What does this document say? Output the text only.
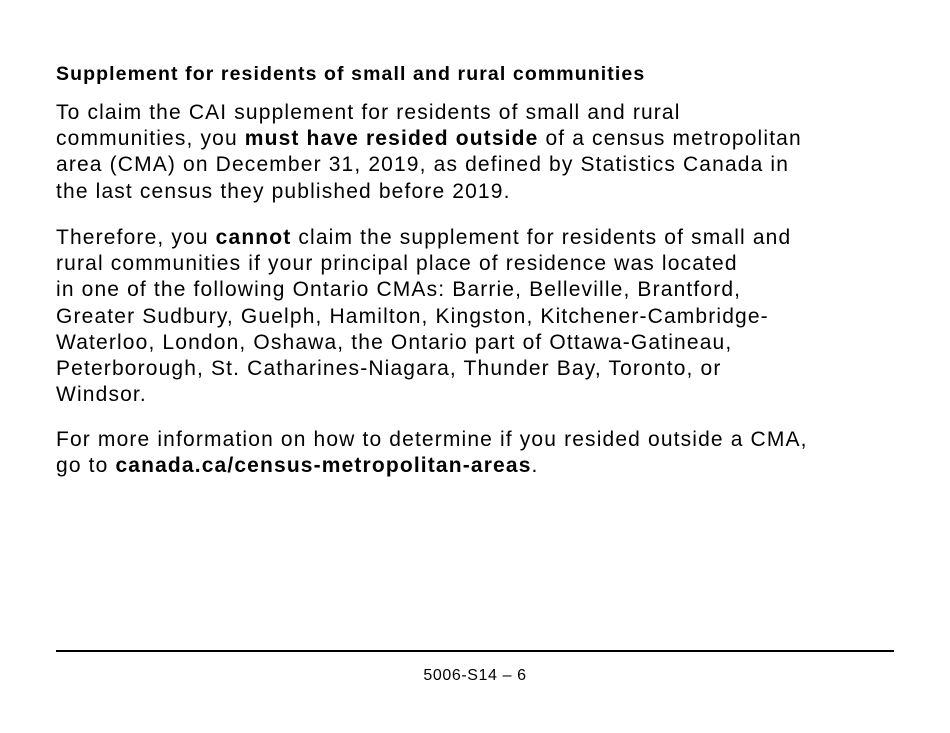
Supplement for residents of small and rural communities

To claim the CAI supplement for residents of small and rural
communities, you must have resided outside of a census metropolitan
area (CMA) on December 31, 2019, as defined by Statistics Canada in
the last census they published before 2019.

Therefore, you cannot claim the supplement for residents of small and
rural communities if your principal place of residence was located
in one of the following Ontario CMAs: Barrie, Belleville, Brantford,
Greater Sudbury, Guelph, Hamilton, Kingston, Kitchener-Cambridge-
Waterloo, London, Oshawa, the Ontario part of Ottawa-Gatineau,
Peterborough, St. Catharines-Niagara, Thunder Bay, Toronto, or
Windsor.

For more information on how to determine if you resided outside a CMA,
go to canada.ca/census-metropolitan-areas.

5006-S14 – 6
